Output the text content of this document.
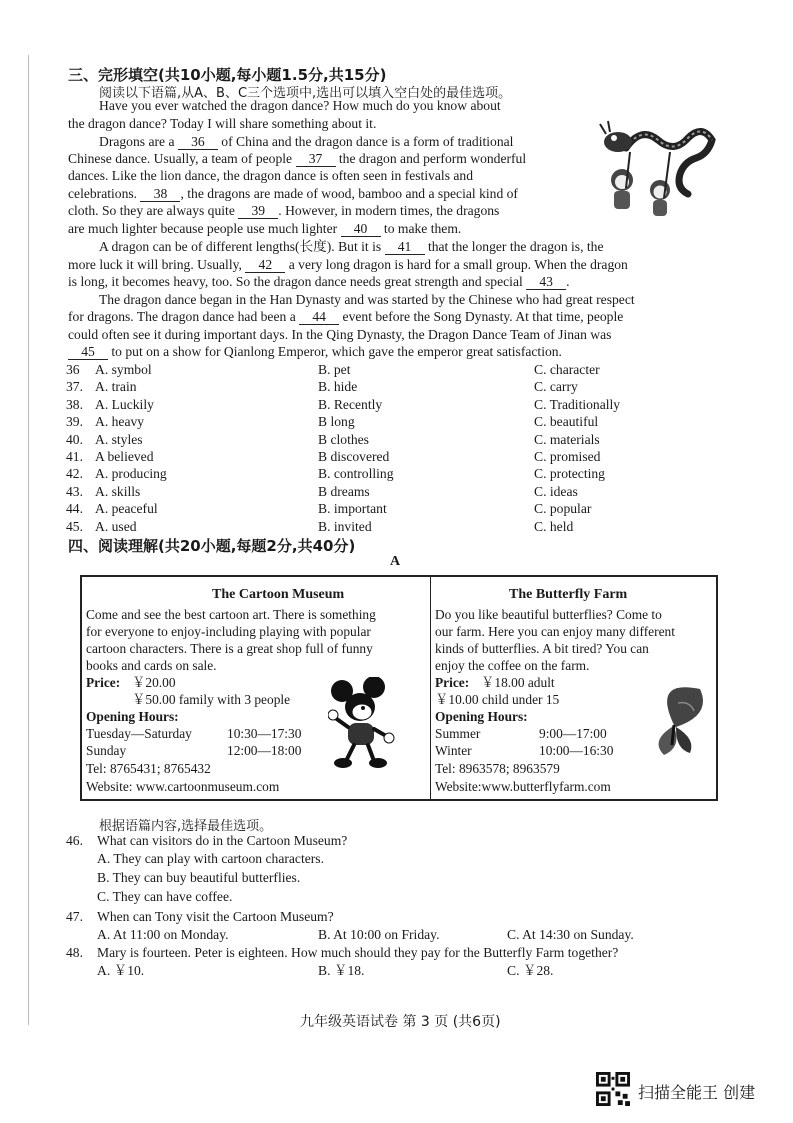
三、完形填空(共10小题,每小题1.5分,共15分)
阅读以下语篇,从A、B、C三个选项中,选出可以填入空白处的最佳选项。
Have you ever watched the dragon dance? How much do you know about
the dragon dance? Today I will share something about it.
Dragons are a 36 of China and the dragon dance is a form of traditional
Chinese dance. Usually, a team of people 37 the dragon and perform wonderful
dances. Like the lion dance, the dragon dance is often seen in festivals and
celebrations. 38 , the dragons are made of wood, bamboo and a special kind of
cloth. So they are always quite 39 . However, in modern times, the dragons
are much lighter because people use much lighter 40 to make them.
A dragon can be of different lengths(长度). But it is 41 that the longer the dragon is, the
more luck it will bring. Usually, 42 a very long dragon is hard for a small group. When the dragon
is long, it becomes heavy, too. So the dragon dance needs great strength and special 43 .
The dragon dance began in the Han Dynasty and was started by the Chinese who had great respect
for dragons. The dragon dance had been a 44 event before the Song Dynasty. At that time, people
could often see it during important days. In the Qing Dynasty, the Dragon Dance Team of Jinan was
45 to put on a show for Qianlong Emperor, which gave the emperor great satisfaction.
36 A. symbol	B. pet	C. character
37. A. train	B. hide	C. carry
38. A. Luckily	B. Recently	C. Traditionally
39. A. heavy	B long	C. beautiful
40. A. styles	B clothes	C. materials
41. A believed	B discovered	C. promised
42. A. producing	B. controlling	C. protecting
43. A. skills	B dreams	C. ideas
44. A. peaceful	B. important	C. popular
45. A. used	B. invited	C. held
四、阅读理解(共20小题,每题2分,共40分)
A
The Cartoon Museum
Come and see the best cartoon art. There is something
for everyone to enjoy-including playing with popular
cartoon characters. There is a great shop full of funny
books and cards on sale.
Price: ￥20.00
￥50.00 family with 3 people
Opening Hours:
Tuesday—Saturday	10:30—17:30
Sunday	12:00—18:00
Tel: 8765431; 8765432
Website: www.cartoonmuseum.com
The Butterfly Farm
Do you like beautiful butterflies? Come to
our farm. Here you can enjoy many different
kinds of butterflies. A bit tired? You can
enjoy the coffee on the farm.
Price: ￥18.00 adult
￥10.00 child under 15
Opening Hours:
Summer	9:00—17:00
Winter	10:00—16:30
Tel: 8963578; 8963579
Website:www.butterflyfarm.com
根据语篇内容,选择最佳选项。
46. What can visitors do in the Cartoon Museum?
A. They can play with cartoon characters.
B. They can buy beautiful butterflies.
C. They can have coffee.
47. When can Tony visit the Cartoon Museum?
A. At 11:00 on Monday.	B. At 10:00 on Friday.	C. At 14:30 on Sunday.
48. Mary is fourteen. Peter is eighteen. How much should they pay for the Butterfly Farm together?
A. ￥10.	B. ￥18.	C. ￥28.
九年级英语试卷 第 3 页 (共6页)
扫描全能王 创建
